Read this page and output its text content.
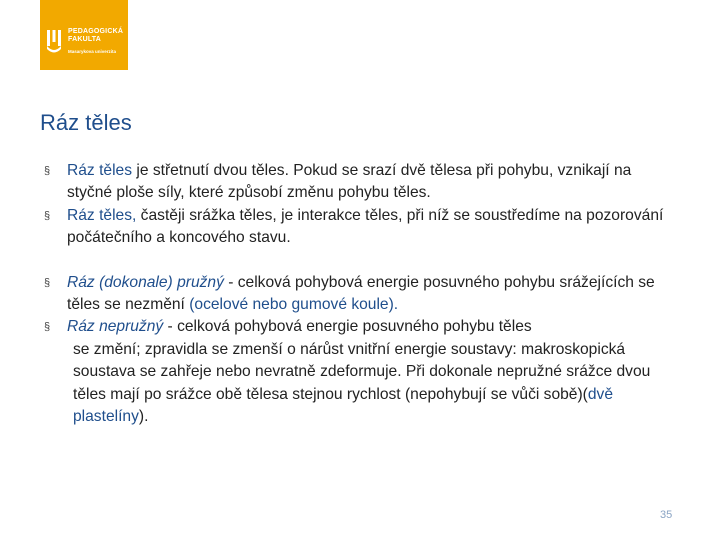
PEDAGOGICKÁ
FAKULTA
Masarykova univerzita
Ráz těles
§ Ráz těles je střetnutí dvou těles. Pokud se srazí dvě tělesa při pohybu, vznikají na styčné ploše síly, které způsobí změnu pohybu těles.
§ Ráz těles, častěji srážka těles, je interakce těles, při níž se soustředíme na pozorování počátečního a koncového stavu.
§ Ráz (dokonale) pružný - celková pohybová energie posuvného pohybu srážejících se těles se nezmění (ocelové nebo gumové koule).
§ Ráz nepružný - celková pohybová energie posuvného pohybu těles
se změní; zpravidla se zmenší o nárůst vnitřní energie soustavy: makroskopická soustava se zahřeje nebo nevratně zdeformuje. Při dokonale nepružné srážce dvou těles mají po srážce obě tělesa stejnou rychlost (nepohybují se vůči sobě)(dvě plastelíny).
35
